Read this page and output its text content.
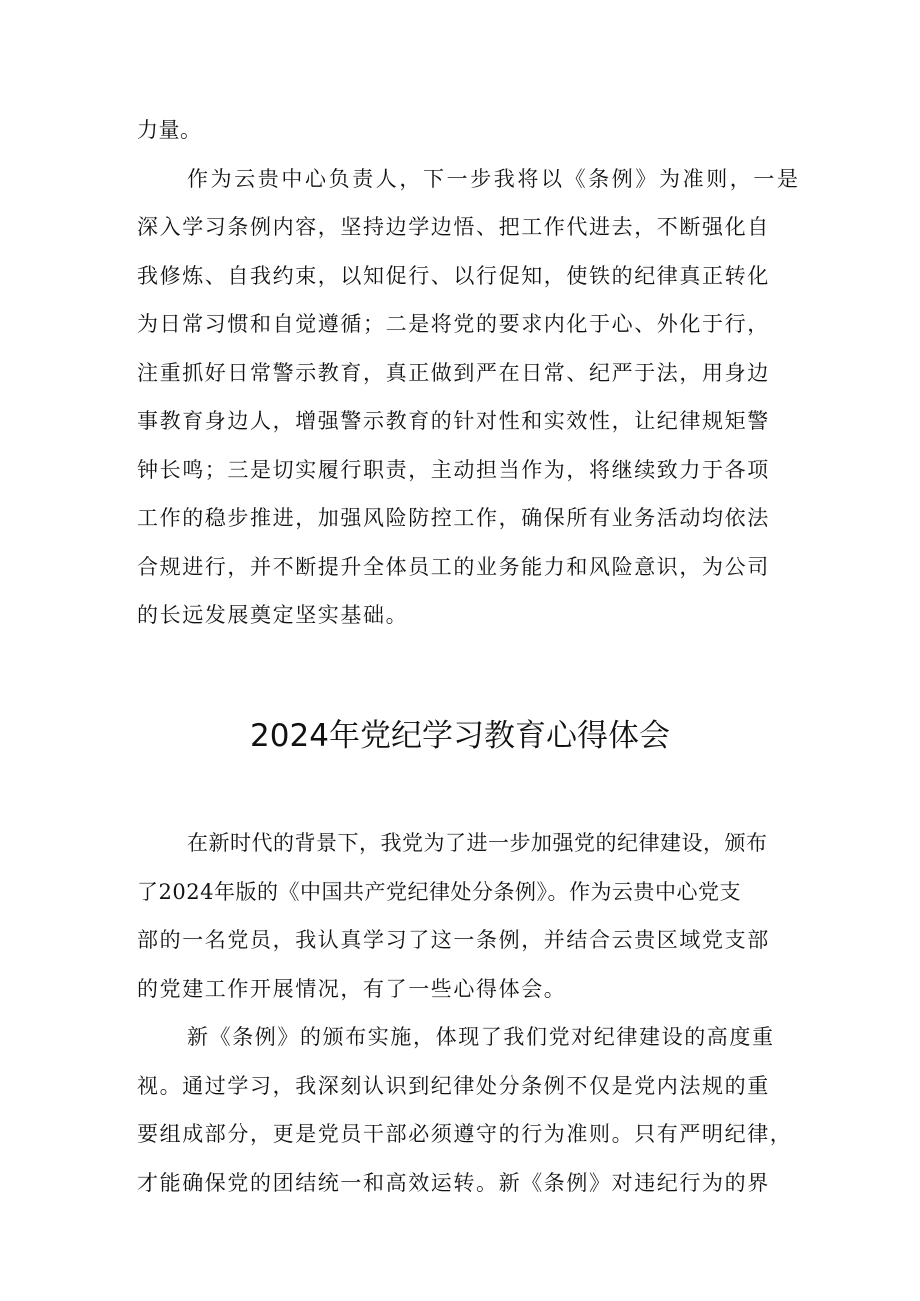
力量。
作为云贵中心负责人，下一步我将以《条例》为准则，一是
深入学习条例内容，坚持边学边悟、把工作代进去，不断强化自
我修炼、自我约束，以知促行、以行促知，使铁的纪律真正转化
为日常习惯和自觉遵循；二是将党的要求内化于心、外化于行，
注重抓好日常警示教育，真正做到严在日常、纪严于法，用身边
事教育身边人，增强警示教育的针对性和实效性，让纪律规矩警
钟长鸣；三是切实履行职责，主动担当作为，将继续致力于各项
工作的稳步推进，加强风险防控工作，确保所有业务活动均依法
合规进行，并不断提升全体员工的业务能力和风险意识，为公司
的长远发展奠定坚实基础。
2024年党纪学习教育心得体会
在新时代的背景下，我党为了进一步加强党的纪律建设，颁布
了2024年版的《中国共产党纪律处分条例》。作为云贵中心党支
部的一名党员，我认真学习了这一条例，并结合云贵区域党支部
的党建工作开展情况，有了一些心得体会。
新《条例》的颁布实施，体现了我们党对纪律建设的高度重
视。通过学习，我深刻认识到纪律处分条例不仅是党内法规的重
要组成部分，更是党员干部必须遵守的行为准则。只有严明纪律，
才能确保党的团结统一和高效运转。新《条例》对违纪行为的界
